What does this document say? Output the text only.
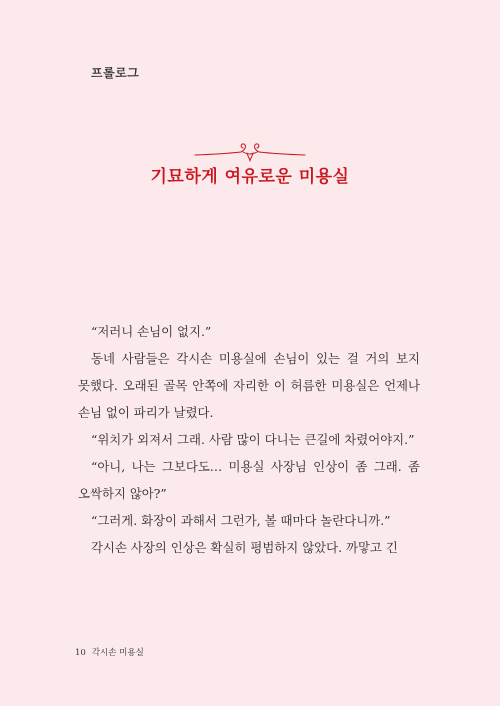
프롤로그
기묘하게 여유로운 미용실

“저러니 손님이 없지.”

동네 사람들은 각시손 미용실에 손님이 있는 걸 거의 보지 못했다. 오래된 골목 안쪽에 자리한 이 허름한 미용실은 언제나 손님 없이 파리가 날렸다.

“위치가 외져서 그래. 사람 많이 다니는 큰길에 차렸어야지.”

“아니, 나는 그보다도… 미용실 사장님 인상이 좀 그래. 좀 오싹하지 않아?”

“그러게. 화장이 과해서 그런가, 볼 때마다 놀란다니까.”

각시손 사장의 인상은 확실히 평범하지 않았다. 까맣고 긴

10 각시손 미용실
